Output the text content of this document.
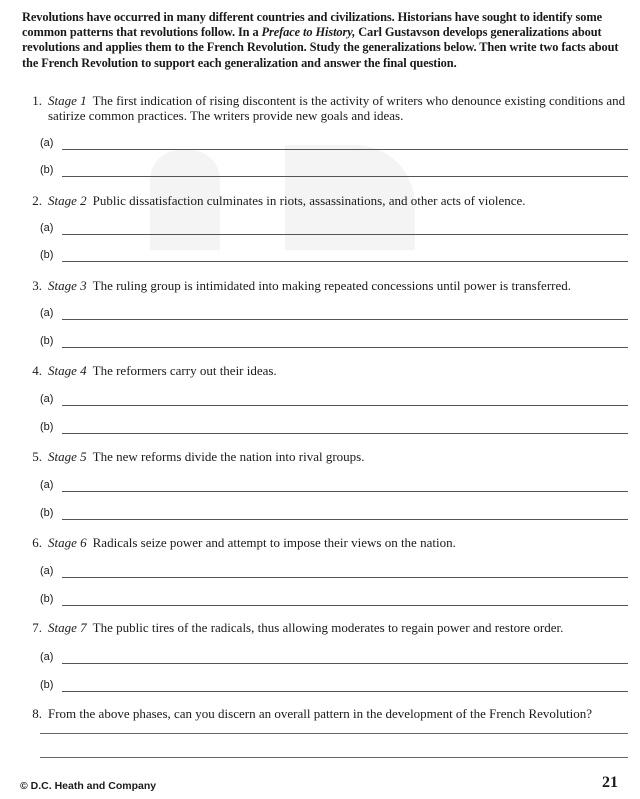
Revolutions have occurred in many different countries and civilizations. Historians have sought to identify some common patterns that revolutions follow. In a Preface to History, Carl Gustavson develops generalizations about revolutions and applies them to the French Revolution. Study the generalizations below. Then write two facts about the French Revolution to support each generalization and answer the final question.
1. Stage 1 The first indication of rising discontent is the activity of writers who denounce existing conditions and satirize common practices. The writers provide new goals and ideas.
(a)
(b)
2. Stage 2 Public dissatisfaction culminates in riots, assassinations, and other acts of violence.
(a)
(b)
3. Stage 3 The ruling group is intimidated into making repeated concessions until power is transferred.
(a)
(b)
4. Stage 4 The reformers carry out their ideas.
(a)
(b)
5. Stage 5 The new reforms divide the nation into rival groups.
(a)
(b)
6. Stage 6 Radicals seize power and attempt to impose their views on the nation.
(a)
(b)
7. Stage 7 The public tires of the radicals, thus allowing moderates to regain power and restore order.
(a)
(b)
8. From the above phases, can you discern an overall pattern in the development of the French Revolution?
© D.C. Heath and Company	21
